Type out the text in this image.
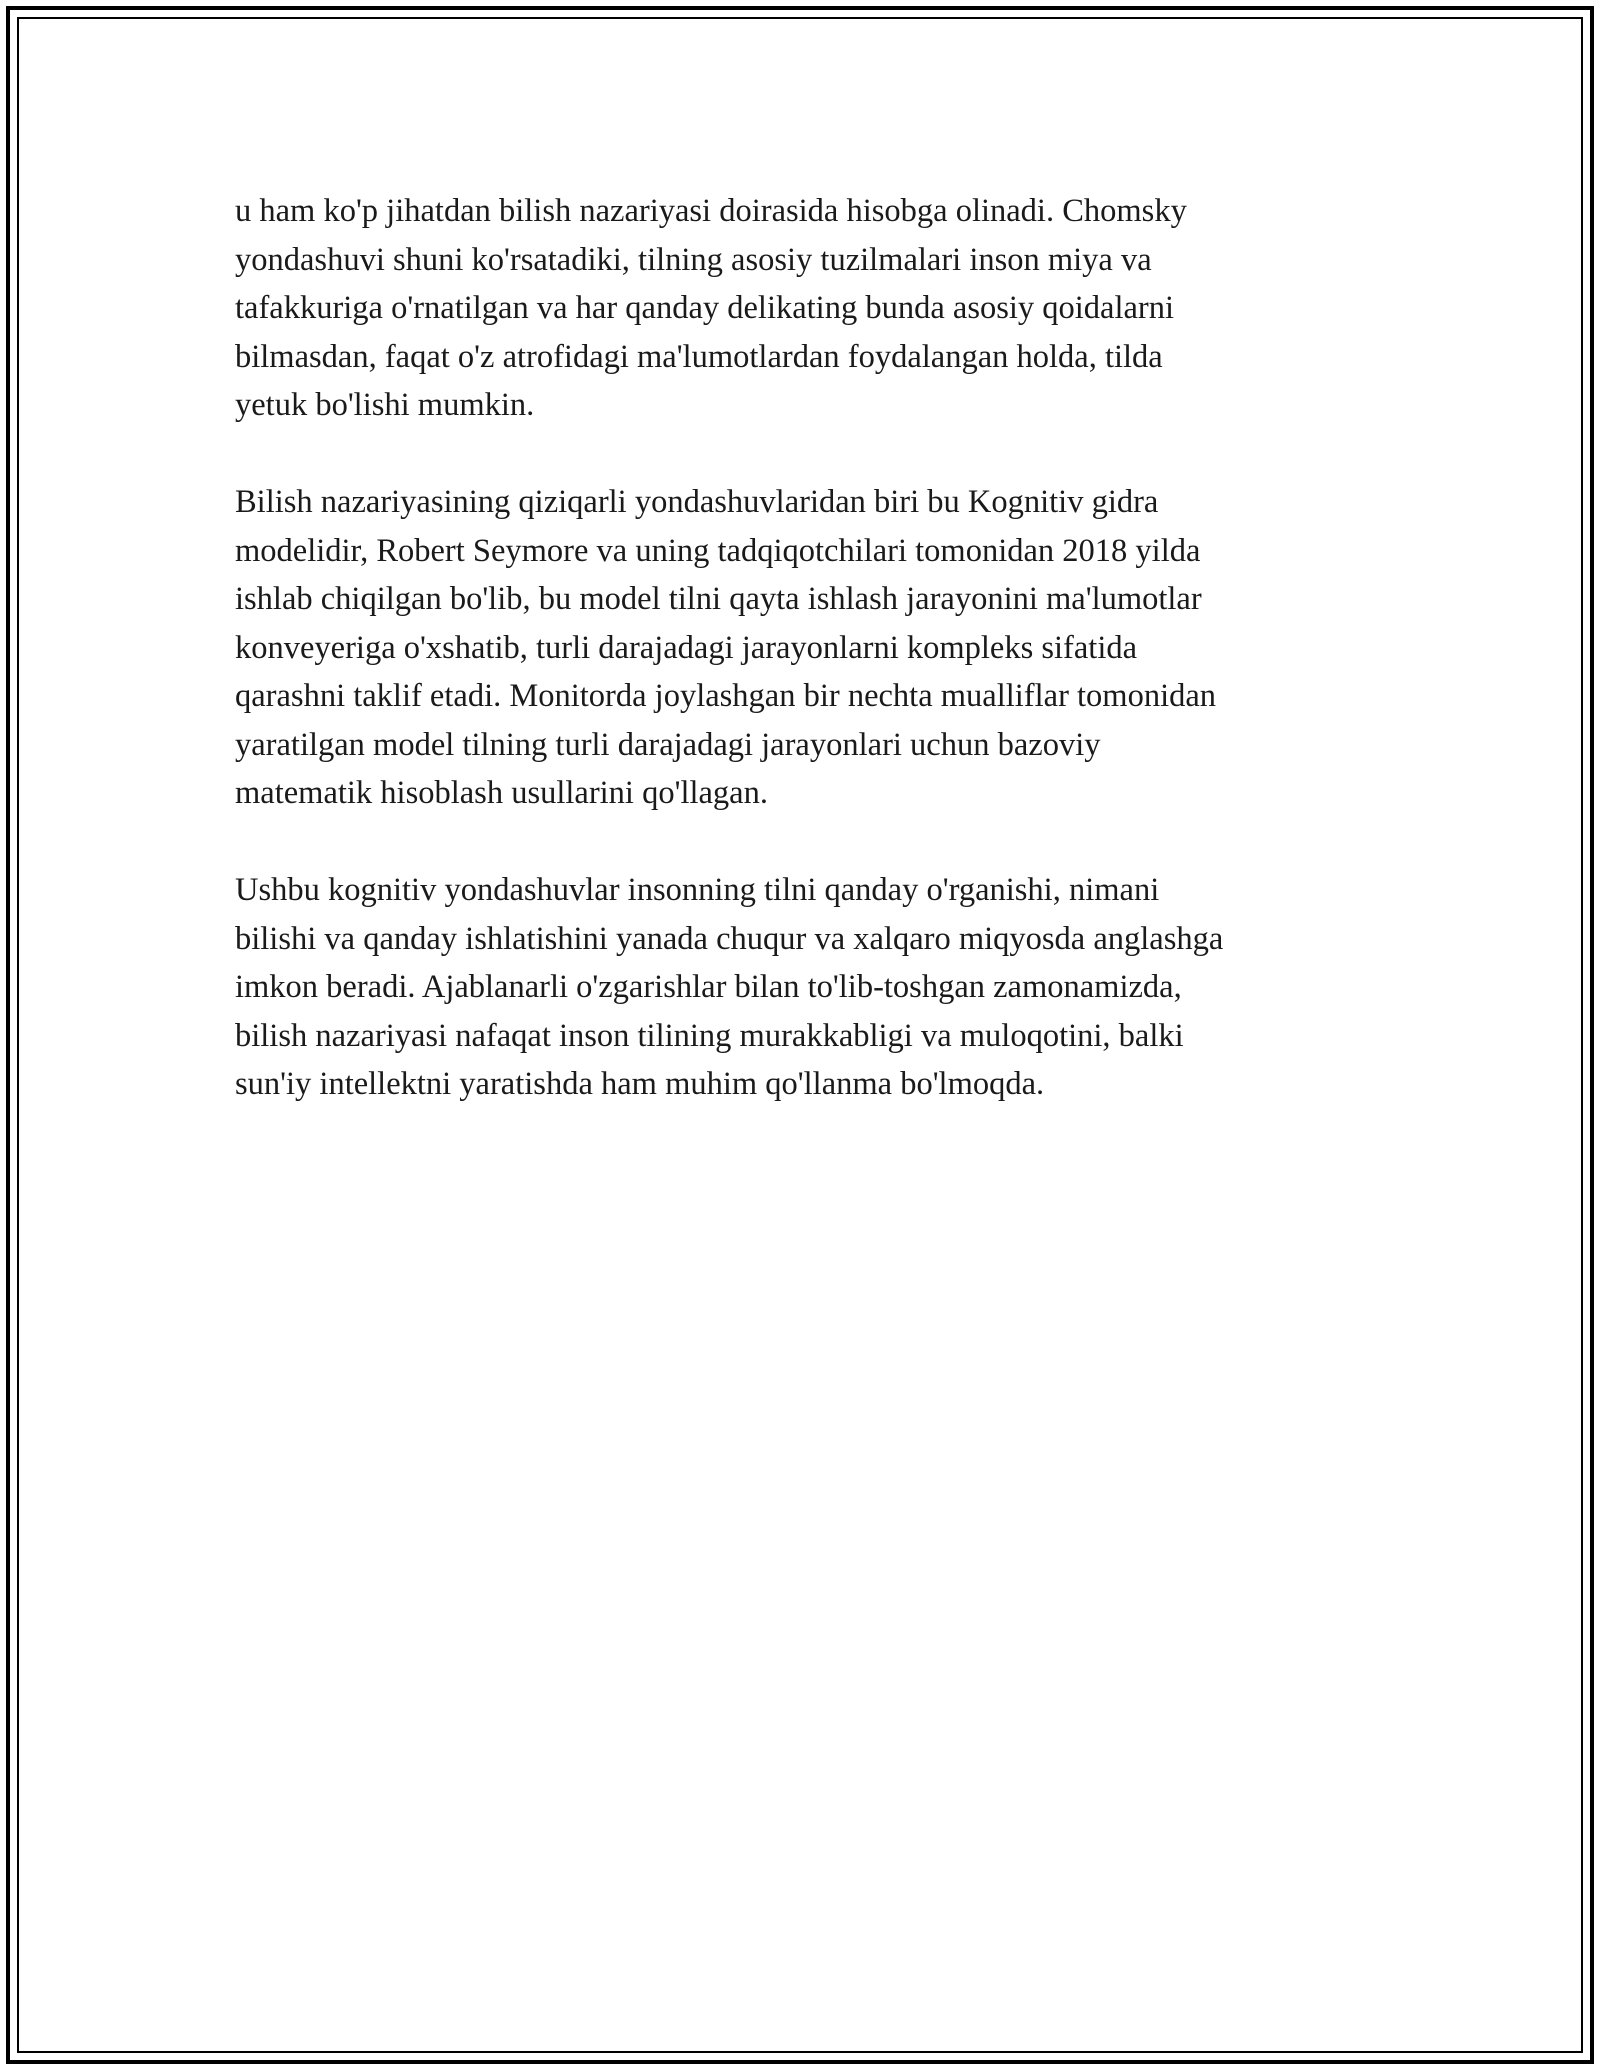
u ham ko'p jihatdan bilish nazariyasi doirasida hisobga olinadi. Chomsky
yondashuvi shuni ko'rsatadiki, tilning asosiy tuzilmalari inson miya va
tafakkuriga o'rnatilgan va har qanday delikating bunda asosiy qoidalarni
bilmasdan, faqat o'z atrofidagi ma'lumotlardan foydalangan holda, tilda
yetuk bo'lishi mumkin.

Bilish nazariyasining qiziqarli yondashuvlaridan biri bu Kognitiv gidra
modelidir, Robert Seymore va uning tadqiqotchilari tomonidan 2018 yilda
ishlab chiqilgan bo'lib, bu model tilni qayta ishlash jarayonini ma'lumotlar
konveyeriga o'xshatib, turli darajadagi jarayonlarni kompleks sifatida
qarashni taklif etadi. Monitorda joylashgan bir nechta mualliflar tomonidan
yaratilgan model tilning turli darajadagi jarayonlari uchun bazoviy
matematik hisoblash usullarini qo'llagan.

Ushbu kognitiv yondashuvlar insonning tilni qanday o'rganishi, nimani
bilishi va qanday ishlatishini yanada chuqur va xalqaro miqyosda anglashga
imkon beradi. Ajablanarli o'zgarishlar bilan to'lib-toshgan zamonamizda,
bilish nazariyasi nafaqat inson tilining murakkabligi va muloqotini, balki
sun'iy intellektni yaratishda ham muhim qo'llanma bo'lmoqda.
